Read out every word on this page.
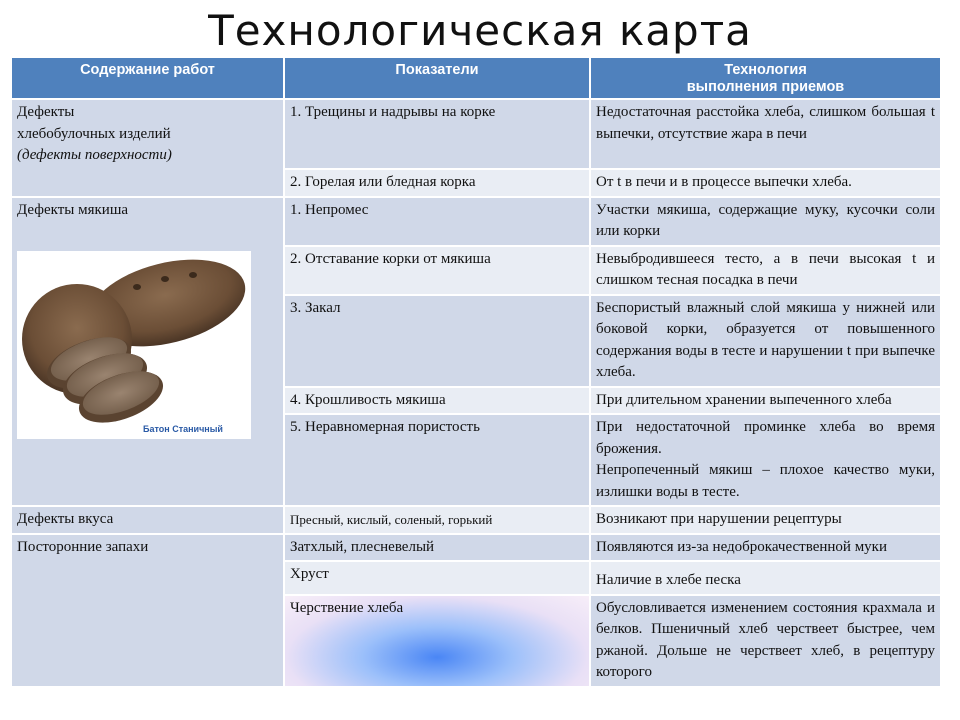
Технологическая карта
Содержание работ	Показатели	Технология
выполнения приемов

Дефекты
хлебобулочных изделий
(дефекты поверхности)	1. Трещины и надрывы на корке	Недостаточная расстойка хлеба, слишком большая t выпечки, отсутствие жара в печи
	2. Горелая или бледная корка	От t в печи и в процессе выпечки хлеба.

Дефекты мякиша
Батон Станичный	1. Непромес	Участки мякиша, содержащие муку, кусочки соли или корки
	2. Отставание корки от мякиша	Невыбродившееся тесто, а в печи высокая t и слишком тесная посадка в печи
	3. Закал	Беспористый влажный слой мякиша у нижней или боковой корки, образуется от повышенного содержания воды в тесте и нарушении t при выпечке хлеба.
	4. Крошливость мякиша	При длительном хранении выпеченного хлеба
	5. Неравномерная пористость	При недостаточной проминке хлеба во время брожения.
Непропеченный мякиш – плохое качество муки, излишки воды в тесте.

Дефекты вкуса	Пресный, кислый, соленый, горький	Возникают при нарушении рецептуры
Посторонние запахи	Затхлый, плесневелый	Появляются из-за недоброкачественной муки
	Хруст	Наличие в хлебе песка
	Черствение хлеба	Обусловливается изменением состояния крахмала и белков. Пшеничный хлеб черствеет быстрее, чем ржаной. Дольше не черствеет хлеб, в рецептуру которого
